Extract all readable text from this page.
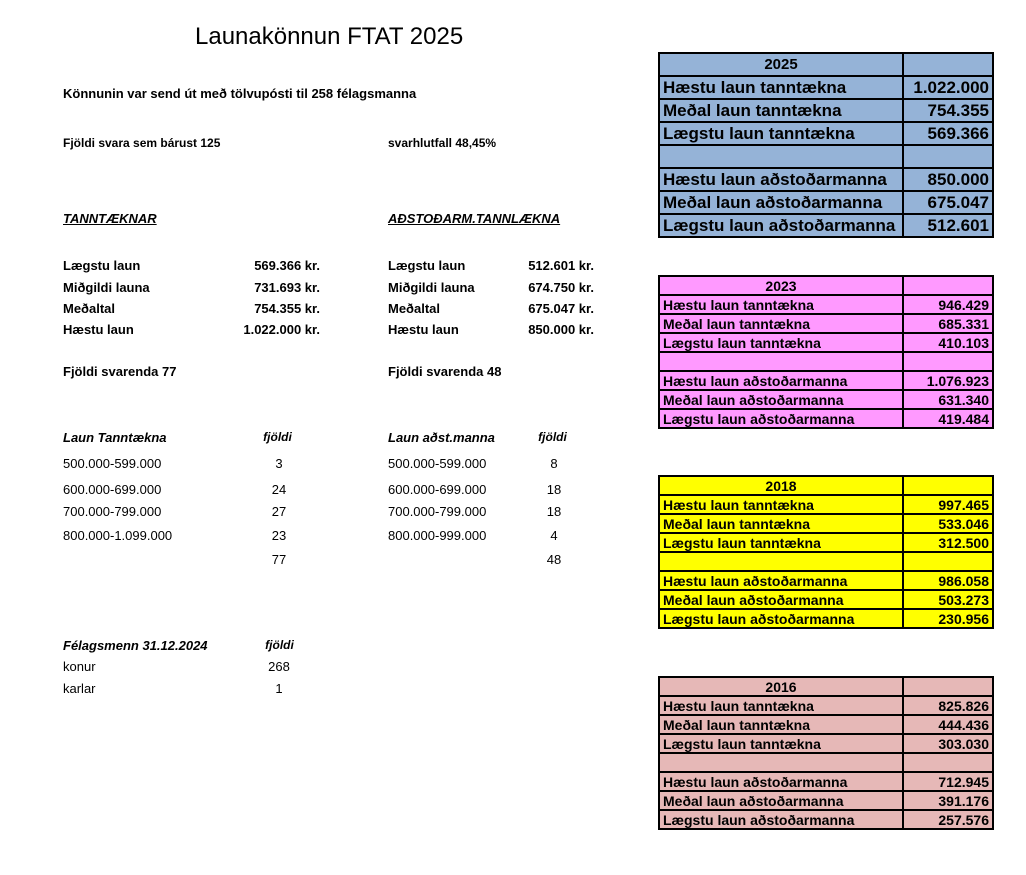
Launakönnun FTAT 2025
Könnunin var send út með tölvupósti til 258 félagsmanna
Fjöldi svara sem bárust 125	svarhlutfall 48,45%
TANNTÆKNAR	AÐSTOÐARM.TANNLÆKNA
Lægstu laun	569.366 kr.
Miðgildi launa	731.693 kr.
Meðaltal	754.355 kr.
Hæstu laun	1.022.000 kr.
Lægstu laun	512.601 kr.
Miðgildi launa	674.750 kr.
Meðaltal	675.047 kr.
Hæstu laun	850.000 kr.
Fjöldi svarenda 77	Fjöldi svarenda 48
Laun Tanntækna	fjöldi	Laun aðst.manna	fjöldi
500.000-599.000	3
600.000-699.000	24
700.000-799.000	27
800.000-1.099.000	23
77
500.000-599.000	8
600.000-699.000	18
700.000-799.000	18
800.000-999.000	4
48
Félagsmenn 31.12.2024	fjöldi
konur	268
karlar	1
2025	
Hæstu laun tanntækna	1.022.000
Meðal laun tanntækna	754.355
Lægstu laun tanntækna	569.366

Hæstu laun aðstoðarmanna	850.000
Meðal laun aðstoðarmanna	675.047
Lægstu laun aðstoðarmanna	512.601
2023	
Hæstu laun tanntækna	946.429
Meðal laun tanntækna	685.331
Lægstu laun tanntækna	410.103

Hæstu laun aðstoðarmanna	1.076.923
Meðal laun aðstoðarmanna	631.340
Lægstu laun aðstoðarmanna	419.484
2018	
Hæstu laun tanntækna	997.465
Meðal laun tanntækna	533.046
Lægstu laun tanntækna	312.500

Hæstu laun aðstoðarmanna	986.058
Meðal laun aðstoðarmanna	503.273
Lægstu laun aðstoðarmanna	230.956
2016	
Hæstu laun tanntækna	825.826
Meðal laun tanntækna	444.436
Lægstu laun tanntækna	303.030

Hæstu laun aðstoðarmanna	712.945
Meðal laun aðstoðarmanna	391.176
Lægstu laun aðstoðarmanna	257.576
